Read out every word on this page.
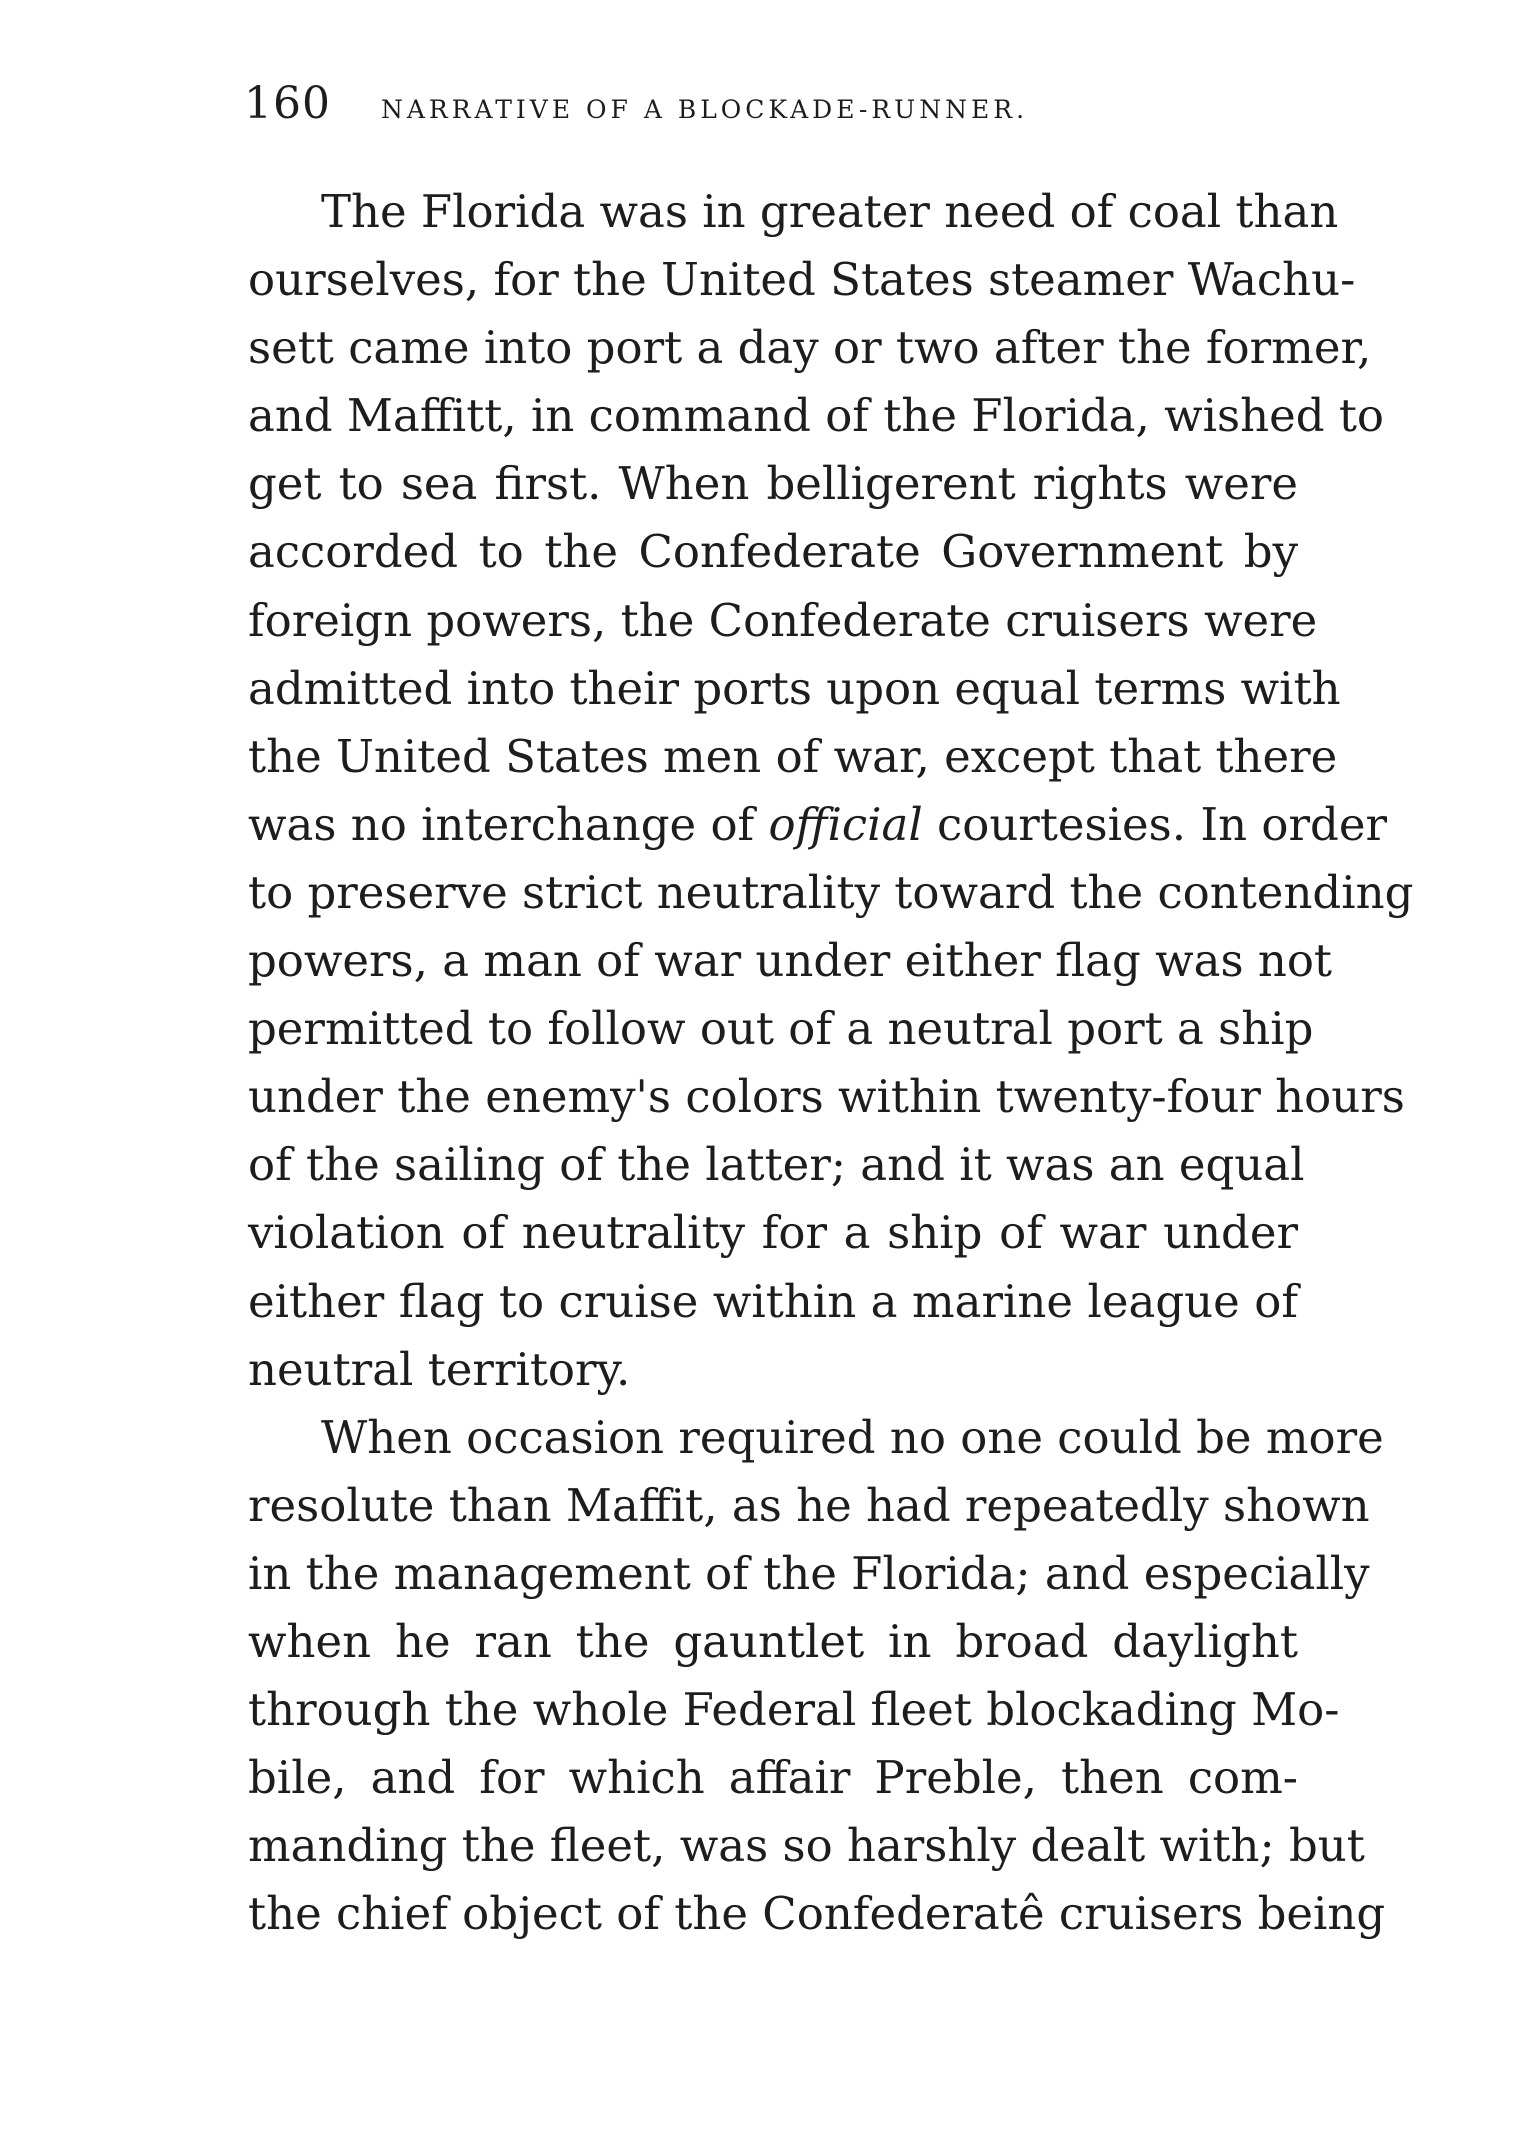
160 NARRATIVE OF A BLOCKADE-RUNNER.
The Florida was in greater need of coal than
ourselves, for the United States steamer Wachu-
sett came into port a day or two after the former,
and Maffitt, in command of the Florida, wished to
get to sea first. When belligerent rights were
accorded to the Confederate Government by
foreign powers, the Confederate cruisers were
admitted into their ports upon equal terms with
the United States men of war, except that there
was no interchange of official courtesies. In order
to preserve strict neutrality toward the contending
powers, a man of war under either flag was not
permitted to follow out of a neutral port a ship
under the enemy's colors within twenty-four hours
of the sailing of the latter; and it was an equal
violation of neutrality for a ship of war under
either flag to cruise within a marine league of
neutral territory.
When occasion required no one could be more
resolute than Maffit, as he had repeatedly shown
in the management of the Florida; and especially
when he ran the gauntlet in broad daylight
through the whole Federal fleet blockading Mo-
bile, and for which affair Preble, then com-
manding the fleet, was so harshly dealt with; but
the chief object of the Confederatê cruisers being
